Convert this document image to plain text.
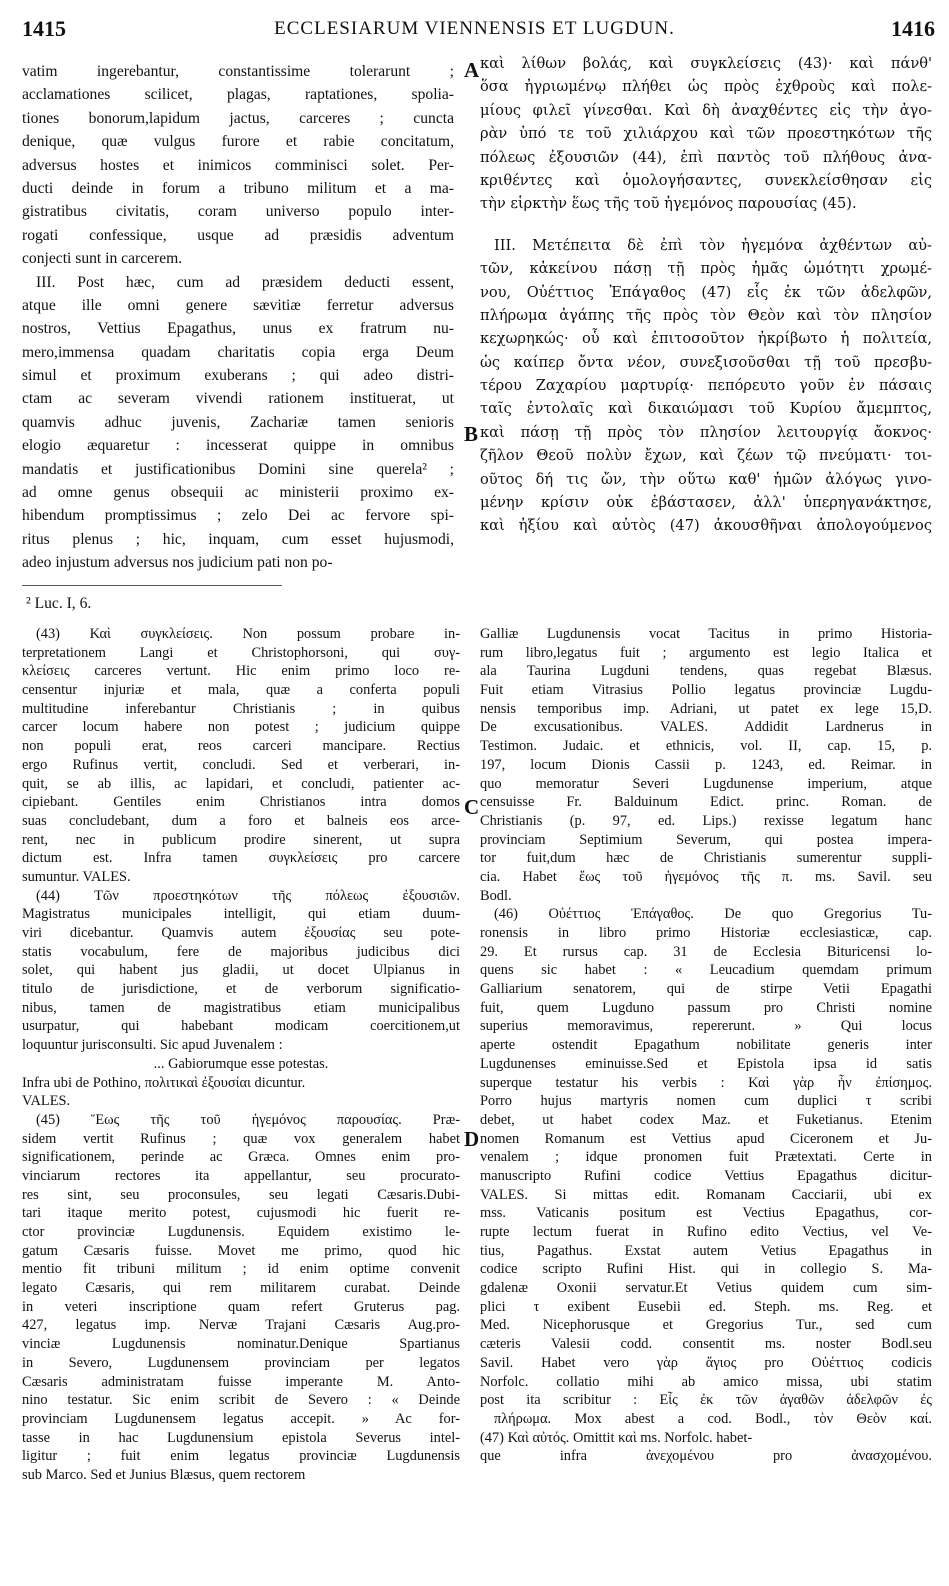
1415	ECCLESIARUM VIENNENSIS ET LUGDUN.	1416
A
B
C
D
vatim ingerebantur, constantissime tolerarunt ;
acclamationes scilicet, plagas, raptationes, spolia-
tiones bonorum,lapidum jactus, carceres ; cuncta
denique, quæ vulgus furore et rabie concitatum,
adversus hostes et inimicos comminisci solet. Per-
ducti deinde in forum a tribuno militum et a ma-
gistratibus civitatis, coram universo populo inter-
rogati confessique, usque ad præsidis adventum
conjecti sunt in carcerem.
III. Post hæc, cum ad præsidem deducti essent,
atque ille omni genere sævitiæ ferretur adversus
nostros, Vettius Epagathus, unus ex fratrum nu-
mero,immensa quadam charitatis copia erga Deum
simul et proximum exuberans ; qui adeo distri-
ctam ac severam vivendi rationem instituerat, ut
quamvis adhuc juvenis, Zachariæ tamen senioris
elogio æquaretur : incesserat quippe in omnibus
mandatis et justificationibus Domini sine querela² ;
ad omne genus obsequii ac ministerii proximo ex-
hibendum promptissimus ; zelo Dei ac fervore spi-
ritus plenus ; hic, inquam, cum esset hujusmodi,
adeo injustum adversus nos judicium pati non po-
καὶ λίθων βολάς, καὶ συγκλείσεις (43)· καὶ πάνθ'
ὅσα ἠγριωμένῳ πλήθει ὡς πρὸς ἐχθροὺς καὶ πολε-
μίους φιλεῖ γίνεσθαι. Καὶ δὴ ἀναχθέντες εἰς τὴν ἀγο-
ρὰν ὑπό τε τοῦ χιλιάρχου καὶ τῶν προεστηκότων τῆς
πόλεως ἐξουσιῶν (44), ἐπὶ παντὸς τοῦ πλήθους ἀνα-
κριθέντες καὶ ὁμολογήσαντες, συνεκλείσθησαν εἰς
τὴν εἱρκτὴν ἕως τῆς τοῦ ἡγεμόνος παρουσίας (45).
III. Μετέπειτα δὲ ἐπὶ τὸν ἡγεμόνα ἀχθέντων αὐ-
τῶν, κἀκείνου πάσῃ τῇ πρὸς ἡμᾶς ὠμότητι χρωμέ-
νου, Οὐέττιος Ἐπάγαθος (47) εἷς ἐκ τῶν ἀδελφῶν,
πλήρωμα ἀγάπης τῆς πρὸς τὸν Θεὸν καὶ τὸν πλησίον
κεχωρηκώς· οὗ καὶ ἐπιτοσοῦτον ἠκρίβωτο ἡ πολιτεία,
ὡς καίπερ ὄντα νέον, συνεξισοῦσθαι τῇ τοῦ πρεσβυ-
τέρου Ζαχαρίου μαρτυρίᾳ· πεπόρευτο γοῦν ἐν πάσαις
ταῖς ἐντολαῖς καὶ δικαιώμασι τοῦ Κυρίου ἄμεμπτος,
καὶ πάσῃ τῇ πρὸς τὸν πλησίον λειτουργίᾳ ἄοκνος·
ζῆλον Θεοῦ πολὺν ἔχων, καὶ ζέων τῷ πνεύματι· τοι-
οῦτος δή τις ὤν, τὴν οὕτω καθ' ἡμῶν ἀλόγως γινο-
μένην κρίσιν οὐκ ἐβάστασεν, ἀλλ' ὑπερηγανάκτησε,
καὶ ἠξίου καὶ αὐτὸς (47) ἀκουσθῆναι ἀπολογούμενος
² Luc. I, 6.
(43) Καὶ συγκλείσεις. Non possum probare in-
terpretationem Langi et Christophorsoni, qui συγ-
κλείσεις carceres vertunt. Hic enim primo loco re-
censentur injuriæ et mala, quæ a conferta populi
multitudine inferebantur Christianis ; in quibus
carcer locum habere non potest ; judicium quippe
non populi erat, reos carceri mancipare. Rectius
ergo Rufinus vertit, concludi. Sed et verberari, in-
quit, se ab illis, ac lapidari, et concludi, patienter ac-
cipiebant. Gentiles enim Christianos intra domos
suas concludebant, dum a foro et balneis eos arce-
rent, nec in publicum prodire sinerent, ut supra
dictum est. Infra tamen συγκλείσεις pro carcere
sumuntur. VALES.
(44) Τῶν προεστηκότων τῆς πόλεως ἐξουσιῶν.
Magistratus municipales intelligit, qui etiam duum-
viri dicebantur. Quamvis autem ἐξουσίας seu pote-
statis vocabulum, fere de majoribus judicibus dici
solet, qui habent jus gladii, ut docet Ulpianus in
titulo de jurisdictione, et de verborum significatio-
nibus, tamen de magistratibus etiam municipalibus
usurpatur, qui habebant modicam coercitionem,ut
loquuntur jurisconsulti. Sic apud Juvenalem :
... Gabiorumque esse potestas.
Infra ubi de Pothino, πολιτικαὶ ἐξουσίαι dicuntur.
VALES.
(45) Ἕως τῆς τοῦ ἡγεμόνος παρουσίας. Præ-
sidem vertit Rufinus ; quæ vox generalem habet
significationem, perinde ac Græca. Omnes enim pro-
vinciarum rectores ita appellantur, seu procurato-
res sint, seu proconsules, seu legati Cæsaris.Dubi-
tari itaque merito potest, cujusmodi hic fuerit re-
ctor provinciæ Lugdunensis. Equidem existimo le-
gatum Cæsaris fuisse. Movet me primo, quod hic
mentio fit tribuni militum ; id enim optime convenit
legato Cæsaris, qui rem militarem curabat. Deinde
in veteri inscriptione quam refert Gruterus pag.
427, legatus imp. Nervæ Trajani Cæsaris Aug.pro-
vinciæ Lugdunensis nominatur.Denique Spartianus
in Severo, Lugdunensem provinciam per legatos
Cæsaris administratam fuisse imperante M. Anto-
nino testatur. Sic enim scribit de Severo : « Deinde
provinciam Lugdunensem legatus accepit. » Ac for-
tasse in hac Lugdunensium epistola Severus intel-
ligitur ; fuit enim legatus provinciæ Lugdunensis
sub Marco. Sed et Junius Blæsus, quem rectorem
Galliæ Lugdunensis vocat Tacitus in primo Historia-
rum libro,legatus fuit ; argumento est legio Italica et
ala Taurina Lugduni tendens, quas regebat Blæsus.
Fuit etiam Vitrasius Pollio legatus provinciæ Lugdu-
nensis temporibus imp. Adriani, ut patet ex lege 15,D.
De excusationibus. VALES. Addidit Lardnerus in
Testimon. Judaic. et ethnicis, vol. II, cap. 15, p.
197, locum Dionis Cassii p. 1243, ed. Reimar. in
quo memoratur Severi Lugdunense imperium, atque
censuisse Fr. Balduinum Edict. princ. Roman. de
Christianis (p. 97, ed. Lips.) rexisse legatum hanc
provinciam Septimium Severum, qui postea impera-
tor fuit,dum hæc de Christianis sumerentur suppli-
cia. Habet ἕως τοῦ ἡγεμόνος τῆς π. ms. Savil. seu
Bodl.
(46) Οὐέττιος Ἐπάγαθος. De quo Gregorius Tu-
ronensis in libro primo Historiæ ecclesiasticæ, cap.
29. Et rursus cap. 31 de Ecclesia Bituricensi lo-
quens sic habet : « Leucadium quemdam primum
Galliarium senatorem, qui de stirpe Vetii Epagathi
fuit, quem Lugduno passum pro Christi nomine
superius memoravimus, repererunt. » Qui locus
aperte ostendit Epagathum nobilitate generis inter
Lugdunenses eminuisse.Sed et Epistola ipsa id satis
superque testatur his verbis : Καὶ γὰρ ἦν ἐπίσημος.
Porro hujus martyris nomen cum duplici τ scribi
debet, ut habet codex Maz. et Fuketianus. Etenim
nomen Romanum est Vettius apud Ciceronem et Ju-
venalem ; idque pronomen fuit Prætextati. Certe in
manuscripto Rufini codice Vettius Epagathus dicitur-
VALES. Si mittas edit. Romanam Cacciarii, ubi ex
mss. Vaticanis positum est Vectius Epagathus, cor-
rupte lectum fuerat in Rufino edito Vectius, vel Ve-
tius, Pagathus. Exstat autem Vetius Epagathus in
codice scripto Rufini Hist. qui in collegio S. Ma-
gdalenæ Oxonii servatur.Et Vetius quidem cum sim-
plici τ exibent Eusebii ed. Steph. ms. Reg. et
Med. Nicephorusque et Gregorius Tur., sed cum
cæteris Valesii codd. consentit ms. noster Bodl.seu
Savil. Habet vero γὰρ ἅγιος pro Οὐέττιος codicis
Norfolc. collatio mihi ab amico missa, ubi statim
post ita scribitur : Εἷς ἐκ τῶν ἀγαθῶν ἀδελφῶν ἐς
πλήρωμα. Mox abest a cod. Bodl., τὸν Θεὸν καί.
(47) Καὶ αὐτός. Omittit καὶ ms. Norfolc. habet-
que infra ἀνεχομένου pro ἀνασχομένου.
